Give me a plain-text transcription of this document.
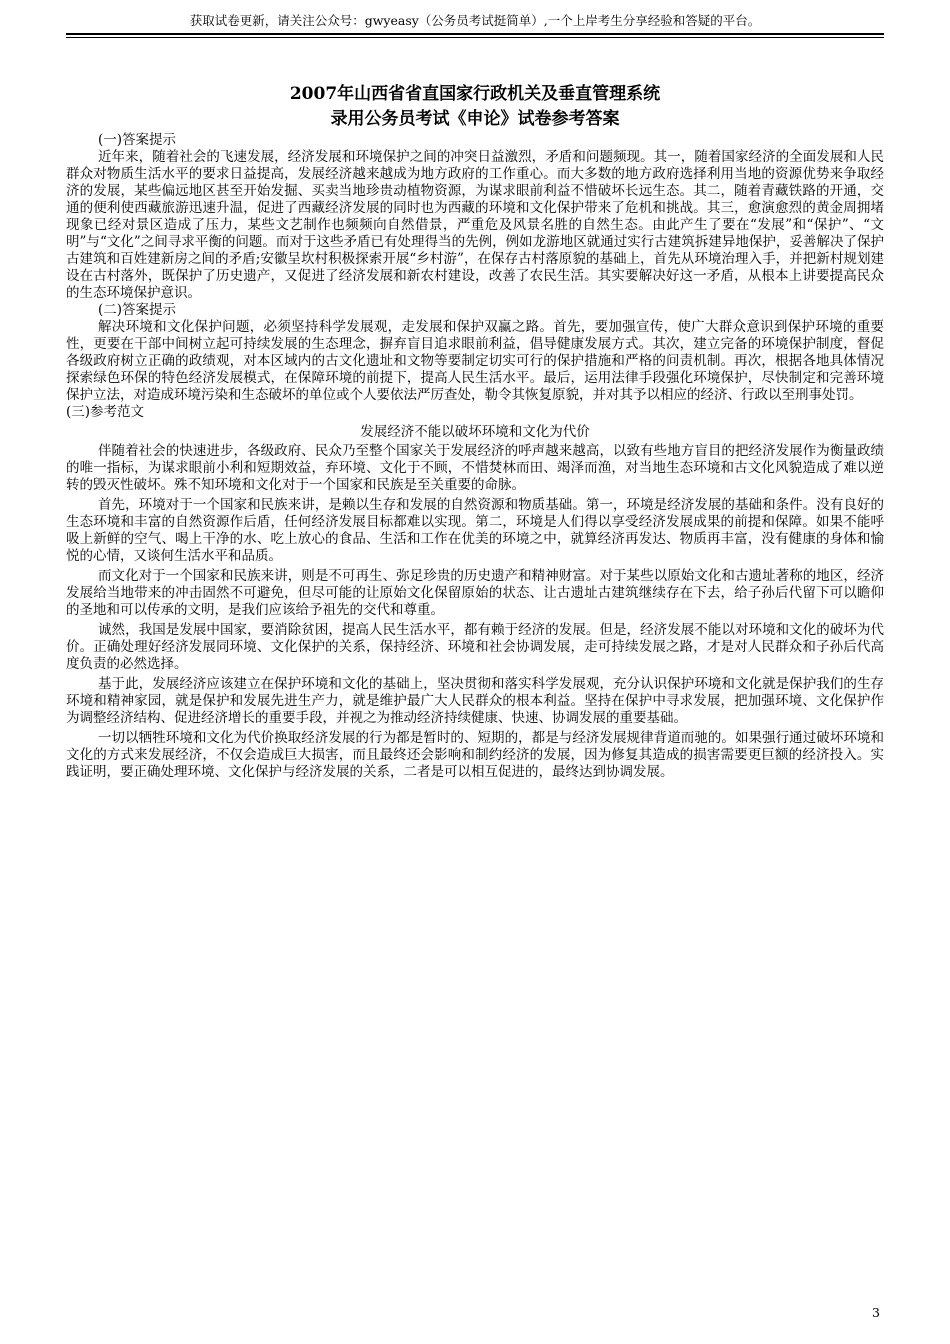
获取试卷更新，请关注公众号：gwyeasy（公务员考试挺简单）,一个上岸考生分享经验和答疑的平台。

2007年山西省省直国家行政机关及垂直管理系统

录用公务员考试《申论》试卷参考答案

(一)答案提示

近年来，随着社会的飞速发展，经济发展和环境保护之间的冲突日益激烈，矛盾和问题频现。其一，随着国家经济的全面发展和人民群众对物质生活水平的要求日益提高，发展经济越来越成为地方政府的工作重心。而大多数的地方政府选择利用当地的资源优势来争取经济的发展，某些偏远地区甚至开始发掘、买卖当地珍贵动植物资源，为谋求眼前利益不惜破坏长远生态。其二，随着青藏铁路的开通，交通的便利使西藏旅游迅速升温，促进了西藏经济发展的同时也为西藏的环境和文化保护带来了危机和挑战。其三，愈演愈烈的黄金周拥堵现象已经对景区造成了压力，某些文艺制作也频频向自然借景，严重危及风景名胜的自然生态。由此产生了要在“发展”和“保护”、“文明”与“文化”之间寻求平衡的问题。而对于这些矛盾已有处理得当的先例，例如龙游地区就通过实行古建筑拆建异地保护，妥善解决了保护古建筑和百姓建新房之间的矛盾;安徽呈坎村积极探索开展“乡村游”，在保存古村落原貌的基础上，首先从环境治理入手，并把新村规划建设在古村落外，既保护了历史遗产，又促进了经济发展和新农村建设，改善了农民生活。其实要解决好这一矛盾，从根本上讲要提高民众的生态环境保护意识。

(二)答案提示

解决环境和文化保护问题，必须坚持科学发展观，走发展和保护双赢之路。首先，要加强宣传，使广大群众意识到保护环境的重要性，更要在干部中间树立起可持续发展的生态理念，摒弃盲目追求眼前利益，倡导健康发展方式。其次，建立完备的环境保护制度，督促各级政府树立正确的政绩观，对本区域内的古文化遗址和文物等要制定切实可行的保护措施和严格的问责机制。再次，根据各地具体情况探索绿色环保的特色经济发展模式，在保障环境的前提下，提高人民生活水平。最后，运用法律手段强化环境保护，尽快制定和完善环境保护立法，对造成环境污染和生态破坏的单位或个人要依法严厉查处，勒令其恢复原貌，并对其予以相应的经济、行政以至刑事处罚。

(三)参考范文

发展经济不能以破坏环境和文化为代价

伴随着社会的快速进步，各级政府、民众乃至整个国家关于发展经济的呼声越来越高，以致有些地方盲目的把经济发展作为衡量政绩的唯一指标，为谋求眼前小利和短期效益，弃环境、文化于不顾，不惜焚林而田、竭泽而渔，对当地生态环境和古文化风貌造成了难以逆转的毁灭性破坏。殊不知环境和文化对于一个国家和民族是至关重要的命脉。

首先，环境对于一个国家和民族来讲，是赖以生存和发展的自然资源和物质基础。第一，环境是经济发展的基础和条件。没有良好的生态环境和丰富的自然资源作后盾，任何经济发展目标都难以实现。第二，环境是人们得以享受经济发展成果的前提和保障。如果不能呼吸上新鲜的空气、喝上干净的水、吃上放心的食品、生活和工作在优美的环境之中，就算经济再发达、物质再丰富，没有健康的身体和愉悦的心情，又谈何生活水平和品质。

而文化对于一个国家和民族来讲，则是不可再生、弥足珍贵的历史遗产和精神财富。对于某些以原始文化和古遗址著称的地区，经济发展给当地带来的冲击固然不可避免，但尽可能的让原始文化保留原始的状态、让古遗址古建筑继续存在下去，给子孙后代留下可以瞻仰的圣地和可以传承的文明，是我们应该给予祖先的交代和尊重。

诚然，我国是发展中国家，要消除贫困，提高人民生活水平，都有赖于经济的发展。但是，经济发展不能以对环境和文化的破坏为代价。正确处理好经济发展同环境、文化保护的关系，保持经济、环境和社会协调发展，走可持续发展之路，才是对人民群众和子孙后代高度负责的必然选择。

基于此，发展经济应该建立在保护环境和文化的基础上，坚决贯彻和落实科学发展观，充分认识保护环境和文化就是保护我们的生存环境和精神家园，就是保护和发展先进生产力，就是维护最广大人民群众的根本利益。坚持在保护中寻求发展，把加强环境、文化保护作为调整经济结构、促进经济增长的重要手段，并视之为推动经济持续健康、快速、协调发展的重要基础。

一切以牺牲环境和文化为代价换取经济发展的行为都是暂时的、短期的，都是与经济发展规律背道而驰的。如果强行通过破坏环境和文化的方式来发展经济，不仅会造成巨大损害，而且最终还会影响和制约经济的发展，因为修复其造成的损害需要更巨额的经济投入。实践证明，要正确处理环境、文化保护与经济发展的关系，二者是可以相互促进的，最终达到协调发展。

3
